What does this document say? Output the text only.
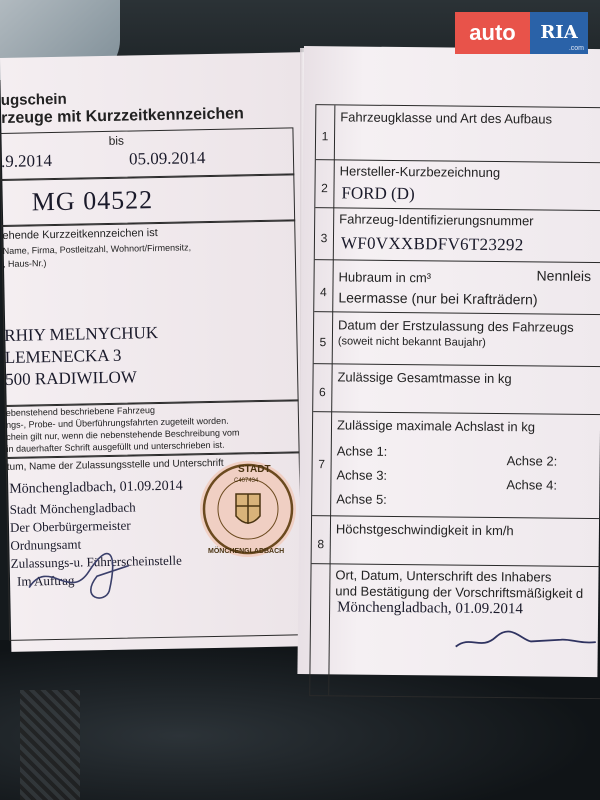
ugschein
rzeuge mit Kurzzeitkennzeichen
bis
.9.2014	05.09.2014
MG 04522
ehende Kurzzeitkennzeichen ist
Name, Firma, Postleitzahl, Wohnort/Firmensitz,
, Haus-Nr.)
RHIY MELNYCHUK
LEMENECKA 3
500 RADIWILOW
ebenstehend beschriebene Fahrzeug
ngs-, Probe- und Überführungsfahrten zugeteilt worden.
chein gilt nur, wenn die nebenstehende Beschreibung vom
in dauerhafter Schrift ausgefüllt und unterschrieben ist.
tum, Name der Zulassungsstelle und Unterschrift
Mönchengladbach, 01.09.2014
Stadt Mönchengladbach
Der Oberbürgermeister
Ordnungsamt
Zulassungs-u. Führerscheinstelle
Im Auftrag
STADT
MÖNCHENGLADBACH
C407434
1
Fahrzeugklasse und Art des Aufbaus
2
Hersteller-Kurzbezeichnung
FORD (D)
3
Fahrzeug-Identifizierungsnummer
WF0VXXBDFV6T23292
4
Hubraum in cm³
Leermasse (nur bei Krafträdern)
Nennleis
5
Datum der Erstzulassung des Fahrzeugs
(soweit nicht bekannt Baujahr)
6
Zulässige Gesamtmasse in kg
7
Zulässige maximale Achslast in kg
Achse 1:
Achse 2:
Achse 3:
Achse 4:
Achse 5:
8
Höchstgeschwindigkeit in km/h
Ort, Datum, Unterschrift des Inhabers
und Bestätigung der Vorschriftsmäßigkeit d
Mönchengladbach, 01.09.2014
auto	RIA
.com
